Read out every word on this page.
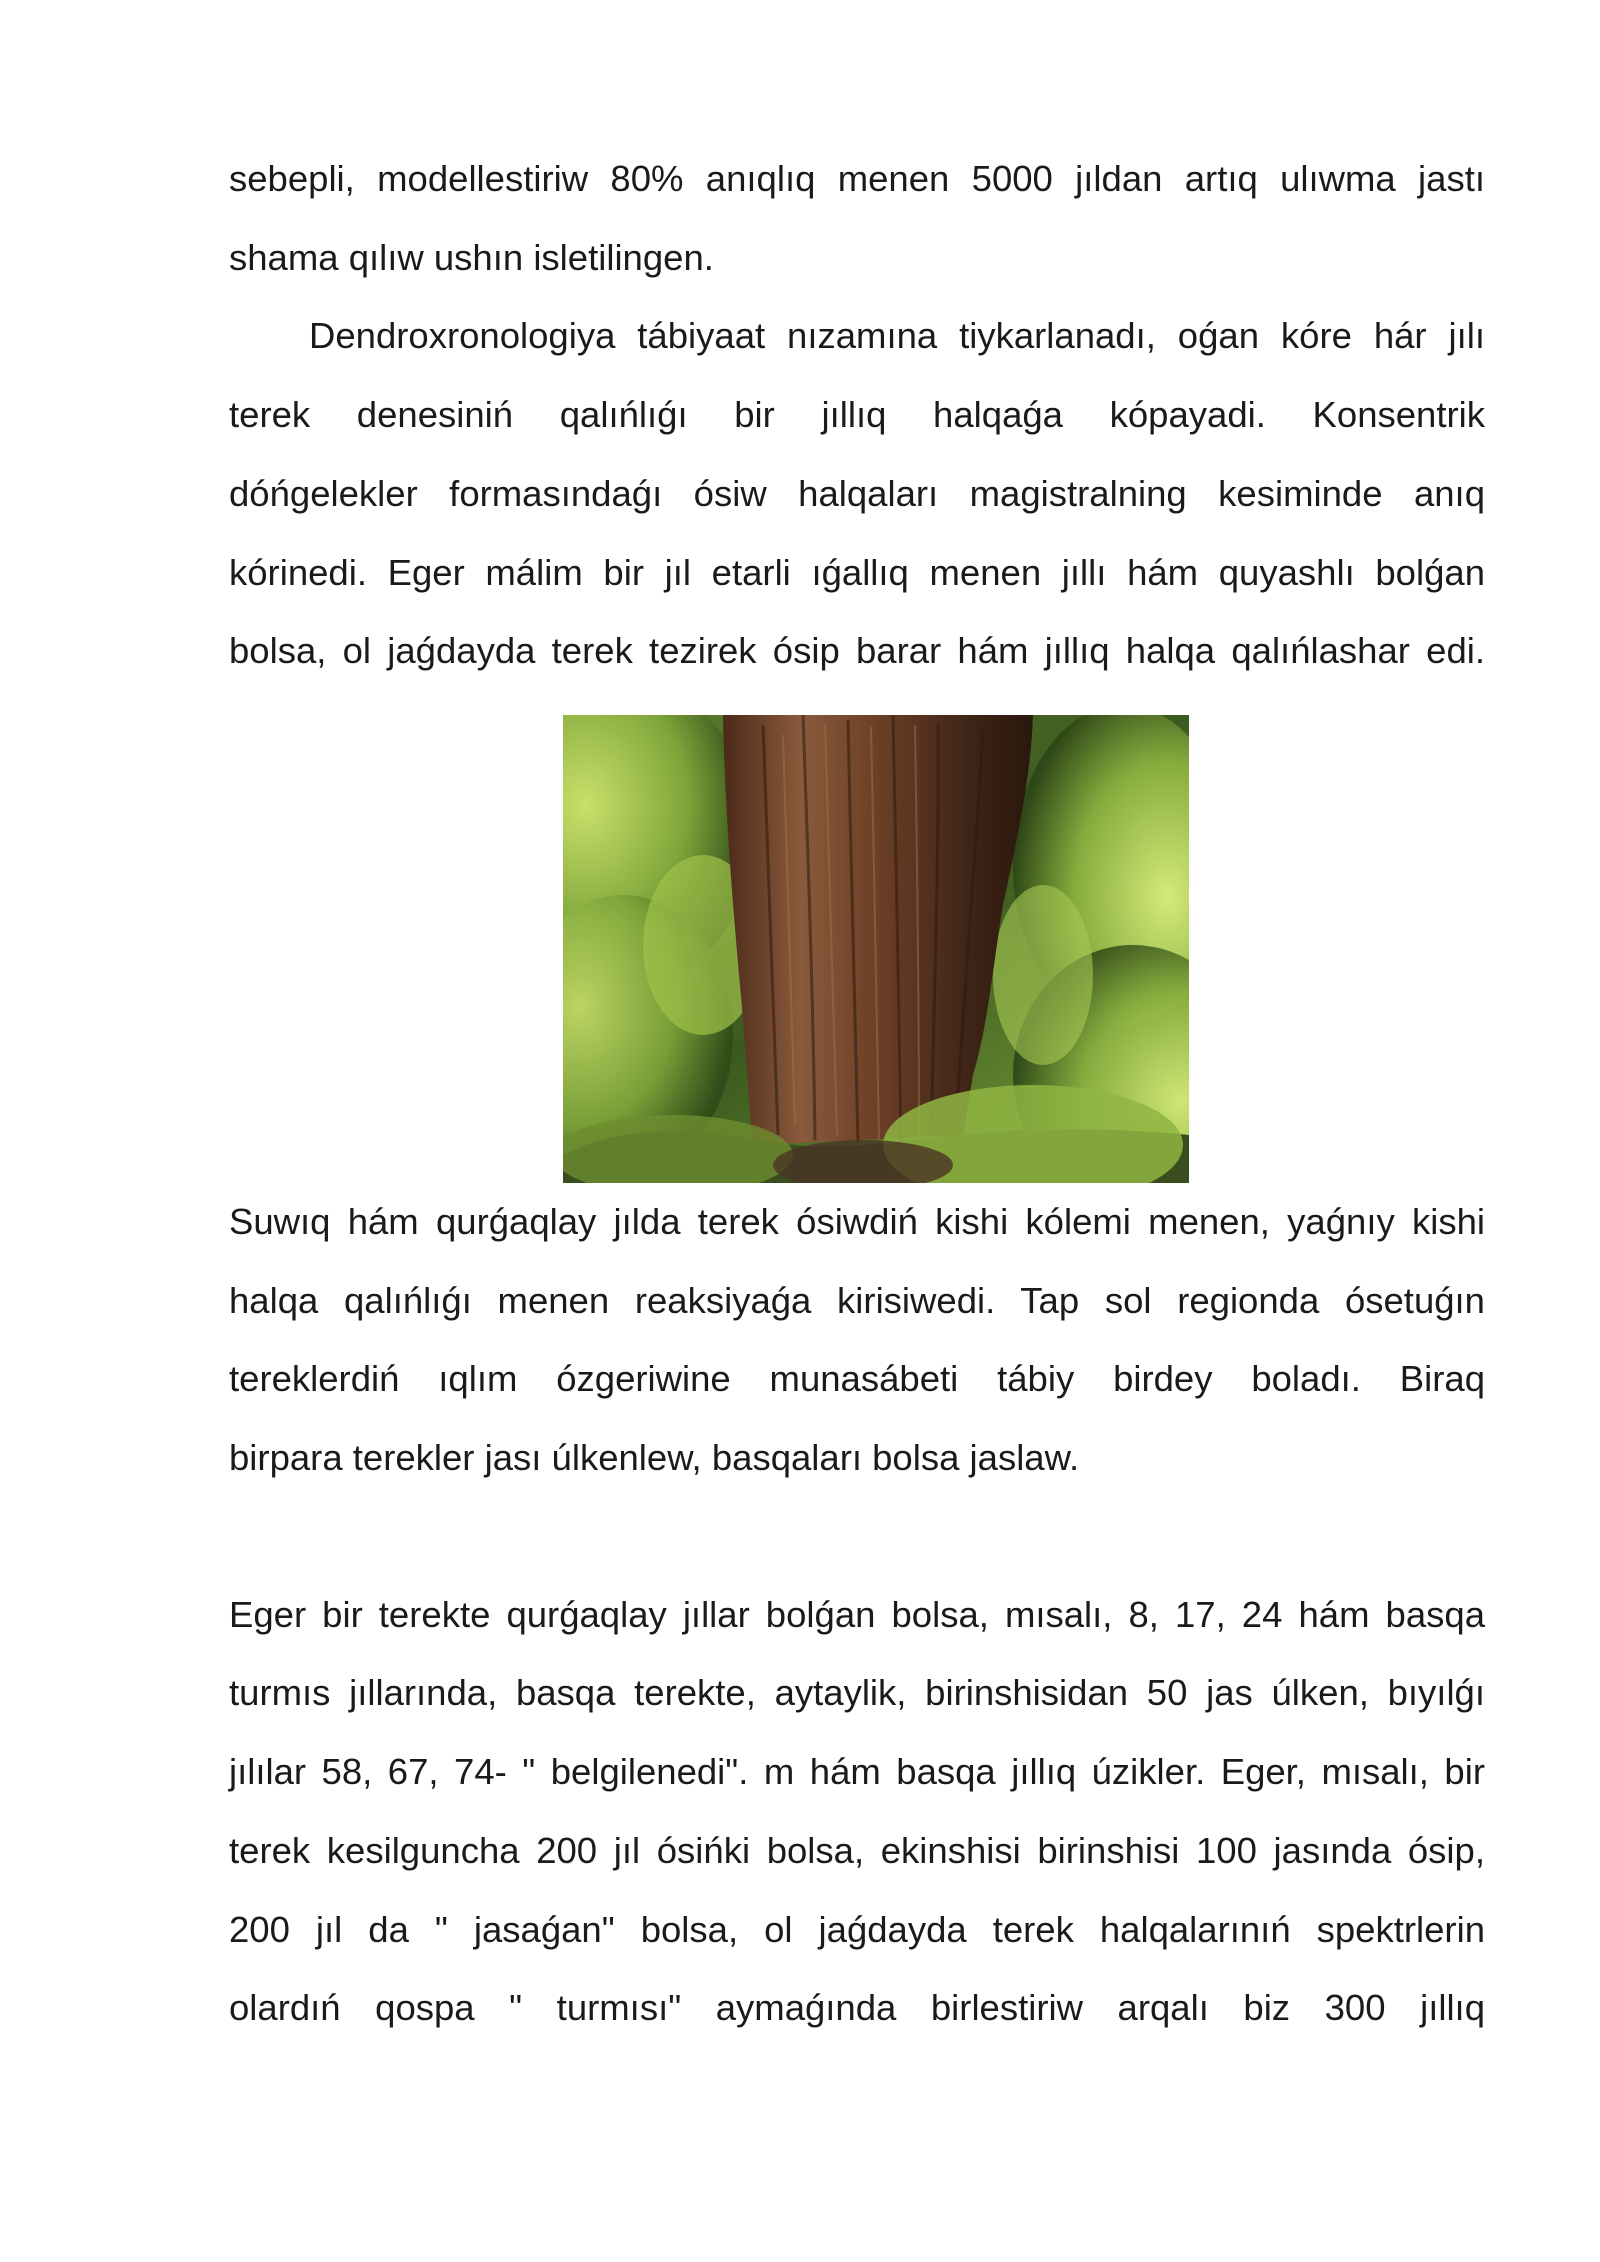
sebepli, modellestiriw 80% anıqlıq menen 5000 jıldan artıq ulıwma jastı
shama qılıw ushın isletilingen.

Dendroxronologiya tábiyaat nızamına tiykarlanadı, oǵan kóre hár jılı
terek denesiniń qalıńlıǵı bir jıllıq halqaǵa kópayadi. Konsentrik
dóńgelekler formasındaǵı ósiw halqaları magistralning kesiminde anıq
kórinedi. Eger málim bir jıl etarli ıǵallıq menen jıllı hám quyashlı bolǵan
bolsa, ol jaǵdayda terek tezirek ósip barar hám jıllıq halqa qalıńlashar edi.

Suwıq hám qurǵaqlay jılda terek ósiwdiń kishi kólemi menen, yaǵnıy kishi
halqa qalıńlıǵı menen reaksiyaǵa kirisiwedi. Tap sol regionda ósetuǵın
tereklerdiń ıqlım ózgeriwine munasábeti tábiy birdey boladı. Biraq
birpara terekler jası úlkenlew, basqaları bolsa jaslaw.

Eger bir terekte qurǵaqlay jıllar bolǵan bolsa, mısalı, 8, 17, 24 hám basqa
turmıs jıllarında, basqa terekte, aytaylik, birinshisidan 50 jas úlken, bıyılǵı
jılılar 58, 67, 74- " belgilenedi". m hám basqa jıllıq úzikler. Eger, mısalı, bir
terek kesilguncha 200 jıl ósińki bolsa, ekinshisi birinshisi 100 jasında ósip,
200 jıl da " jasaǵan" bolsa, ol jaǵdayda terek halqalarınıń spektrlerin
olardıń qospa " turmısı" aymaǵında birlestiriw arqalı biz 300 jıllıq
